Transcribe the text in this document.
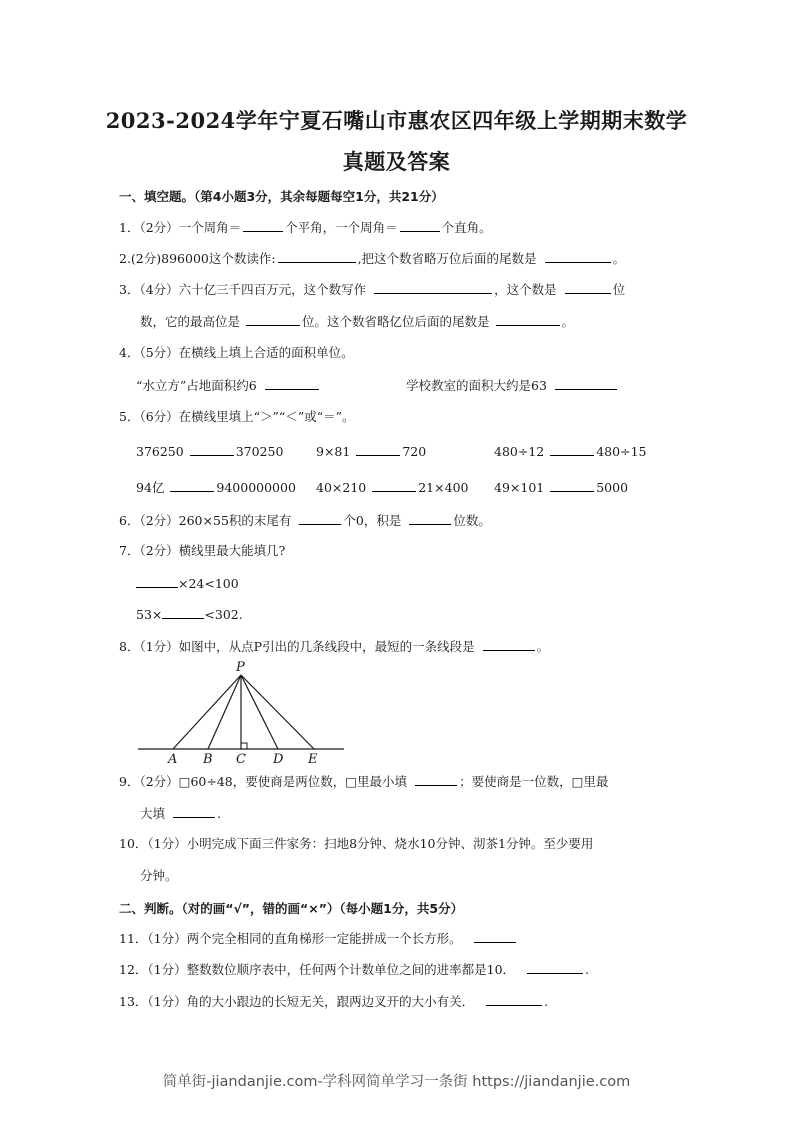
2023-2024学年宁夏石嘴山市惠农区四年级上学期期末数学
真题及答案
一、填空题。（第4小题3分，其余每题每空1分，共21分）
1．（2分）一个周角＝	个平角，一个周角＝	个直角。
2.(2分)896000这个数读作:	,把这个数省略万位后面的尾数是	。
3．（4分）六十亿三千四百万元，这个数写作	，这个数是	位
数，它的最高位是	位。这个数省略亿位后面的尾数是	。
4．（5分）在横线上填上合适的面积单位。
“水立方”占地面积约6	学校教室的面积大约是63
5．（6分）在横线里填上“＞”“＜”或“＝”。
376250	370250	9×81	720	480÷12	480÷15
94亿	9400000000 40×210	21×400 49×101	5000
6．（2分）260×55积的末尾有	个0，积是	位数。
7．（2分）横线里最大能填几?
×24<100
53×	<302.
8．（1分）如图中，从点P引出的几条线段中，最短的一条线段是	。
P
A B C D E
9．（2分）□60÷48，要使商是两位数，□里最小填	；要使商是一位数，□里最
大填	.
10．（1分）小明完成下面三件家务：扫地8分钟、烧水10分钟、沏茶1分钟。至少要用
分钟。
二、判断。（对的画“√”，错的画“×”）（每小题1分，共5分）
11．（1分）两个完全相同的直角梯形一定能拼成一个长方形。
12．（1分）整数数位顺序表中，任何两个计数单位之间的进率都是10．	.
13．（1分）角的大小跟边的长短无关，跟两边叉开的大小有关．	.
简单街-jiandanjie.com-学科网简单学习一条街 https://jiandanjie.com
